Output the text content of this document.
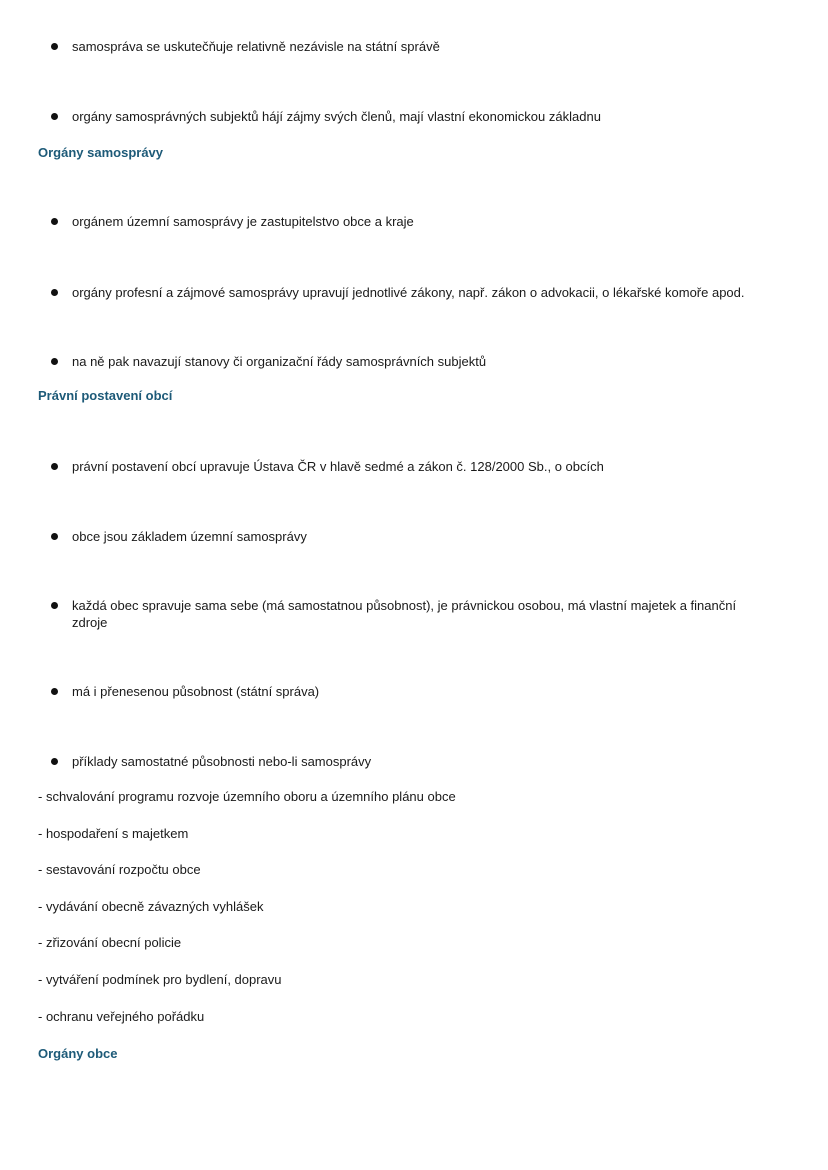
samospráva se uskutečňuje relativně nezávisle na státní správě
orgány samosprávných subjektů hájí zájmy svých členů, mají vlastní ekonomickou základnu
Orgány samosprávy
orgánem územní samosprávy je zastupitelstvo obce a kraje
orgány profesní a zájmové samosprávy upravují jednotlivé zákony, např. zákon o advokacii, o lékařské komoře apod.
na ně pak navazují stanovy či organizační řády samosprávních subjektů
Právní postavení obcí
právní postavení obcí upravuje Ústava ČR v hlavě sedmé a zákon č. 128/2000 Sb., o obcích
obce jsou základem územní samosprávy
každá obec spravuje sama sebe (má samostatnou působnost), je právnickou osobou, má vlastní majetek a finanční zdroje
má i přenesenou působnost (státní správa)
příklady samostatné působnosti nebo-li samosprávy
- schvalování programu rozvoje územního oboru a územního plánu obce
- hospodaření s majetkem
- sestavování rozpočtu obce
- vydávání obecně závazných vyhlášek
- zřizování obecní policie
- vytváření podmínek pro bydlení, dopravu
- ochranu veřejného pořádku
Orgány obce
